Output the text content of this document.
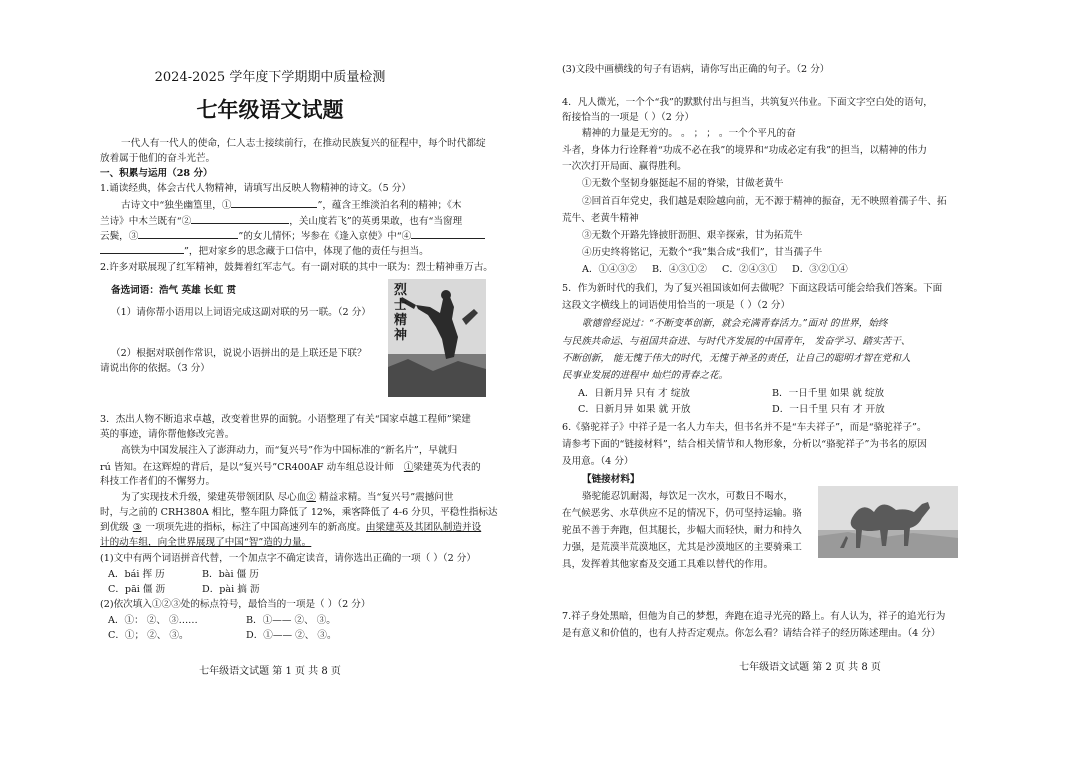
2024-2025 学年度下学期期中质量检测
七年级语文试题
一代人有一代人的使命，仁人志士接续前行，在推动民族复兴的征程中，每个时代都绽
放着属于他们的奋斗光芒。
一、积累与运用（28 分）
1.诵读经典，体会古代人物精神，请填写出反映人物精神的诗文。（5 分）
古诗文中“独坐幽篁里，①	”，蕴含王维淡泊名利的精神；《木
兰诗》中木兰既有“②	，关山度若飞”的英勇果敢，也有“当窗理
云鬓，③	”的女儿情怀；岑参在《逢入京使》中“④
”，把对家乡的思念藏于口信中，体现了他的责任与担当。
2.许多对联展现了红军精神，鼓舞着红军志气。有一副对联的其中一联为：烈士精神垂万古。
备选词语：浩气 英雄 长虹 贯
（1）请你帮小语用以上词语完成这副对联的另一联。（2 分）
（2）根据对联创作常识，说说小语拼出的是上联还是下联？
请说出你的依据。（3 分）
烈士精神
3．杰出人物不断追求卓越，改变着世界的面貌。小语整理了有关“国家卓越工程师”梁建
英的事迹，请你帮他修改完善。
高铁为中国发展注入了澎湃动力，而“复兴号”作为中国标准的“新名片”，早就归
rú 皆知。在这辉煌的背后，是以“复兴号”CR400AF 动车组总设计师 ①梁建英为代表的
科技工作者们的不懈努力。
为了实现技术升级，梁建英带领团队 尽心血② 精益求精。当“复兴号”震撼问世
时，与之前的 CRH380A 相比，整车阻力降低了 12%，乘客降低了 4-6 分贝，平稳性指标达
到优级 ③ 一项项先进的指标，标注了中国高速列车的新高度。由梁建英及其团队制造并设
计的动车组，向全世界展现了中国“智”造的力量。
(1)文中有两个词语拼音代替，一个加点字不确定读音，请你选出正确的一项（ ）（2 分）
A．bái 挥 历	B．bài 僵 历
C．pāi 僵 沥	D．pài 搞 沥
(2)依次填入①②③处的标点符号，最恰当的一项是（ ）（2 分）
A．①： ②、 ③……	B．①—— ②、 ③。
C．①； ②、 ③。	D．①—— ②、 ③。
七年级语文试题 第 1 页 共 8 页
(3)文段中画横线的句子有语病，请你写出正确的句子。（2 分）
4．凡人微光，一个个“我”的默默付出与担当，共筑复兴伟业。下面文字空白处的语句，
衔接恰当的一项是（ ）（2 分）
精神的力量是无穷的。 。 ； ； 。一个个平凡的奋
斗者，身体力行诠释着“功成不必在我”的境界和“功成必定有我”的担当，以精神的伟力
一次次打开局面、赢得胜利。
①无数个坚韧身躯挺起不屈的脊梁，甘做老黄牛
②回首百年党史，我们越是艰险越向前，无不源于精神的振奋，无不映照着孺子牛、拓
荒牛、老黄牛精神
③无数个开路先锋披肝沥胆、艰辛探索，甘为拓荒牛
④历史终将铭记，无数个“我”集合成“我们”，甘当孺子牛
A．①④③② B．④③①② C．②④③① D．③②①④
5．作为新时代的我们，为了复兴祖国该如何去做呢？下面这段话可能会给我们答案。下面
这段文字横线上的词语使用恰当的一项是（ ）（2 分）
歌德曾经说过：“不断变革创新，就会充满青春活力。”面对 的世界，始终
与民族共命运、与祖国共奋进、与时代齐发展的中国青年， 发奋学习、踏实苦干、
不断创新， 能无愧于伟大的时代，无愧于神圣的责任，让自己的聪明才智在党和人
民事业发展的进程中 灿烂的青春之花。
A．日新月异 只有 才 绽放	B．一日千里 如果 就 绽放
C．日新月异 如果 就 开放	D．一日千里 只有 才 开放
6.《骆驼祥子》中祥子是一名人力车夫，但书名并不是“车夫祥子”，而是“骆驼祥子”。
请参考下面的“链接材料”，结合相关情节和人物形象，分析以“骆驼祥子”为书名的原因
及用意。（4 分）
【链接材料】
骆驼能忍饥耐渴，每饮足一次水，可数日不喝水，
在气候恶劣、水草供应不足的情况下，仍可坚持运输。骆
驼虽不善于奔跑，但其腿长，步幅大而轻快，耐力和持久
力强，是荒漠半荒漠地区，尤其是沙漠地区的主要骑乘工
具，发挥着其他家畜及交通工具难以替代的作用。
7.祥子身处黑暗，但他为自己的梦想，奔跑在追寻光亮的路上。有人认为，祥子的追光行为
是有意义和价值的，也有人持否定观点。你怎么看？请结合祥子的经历陈述理由。（4 分）
七年级语文试题 第 2 页 共 8 页
